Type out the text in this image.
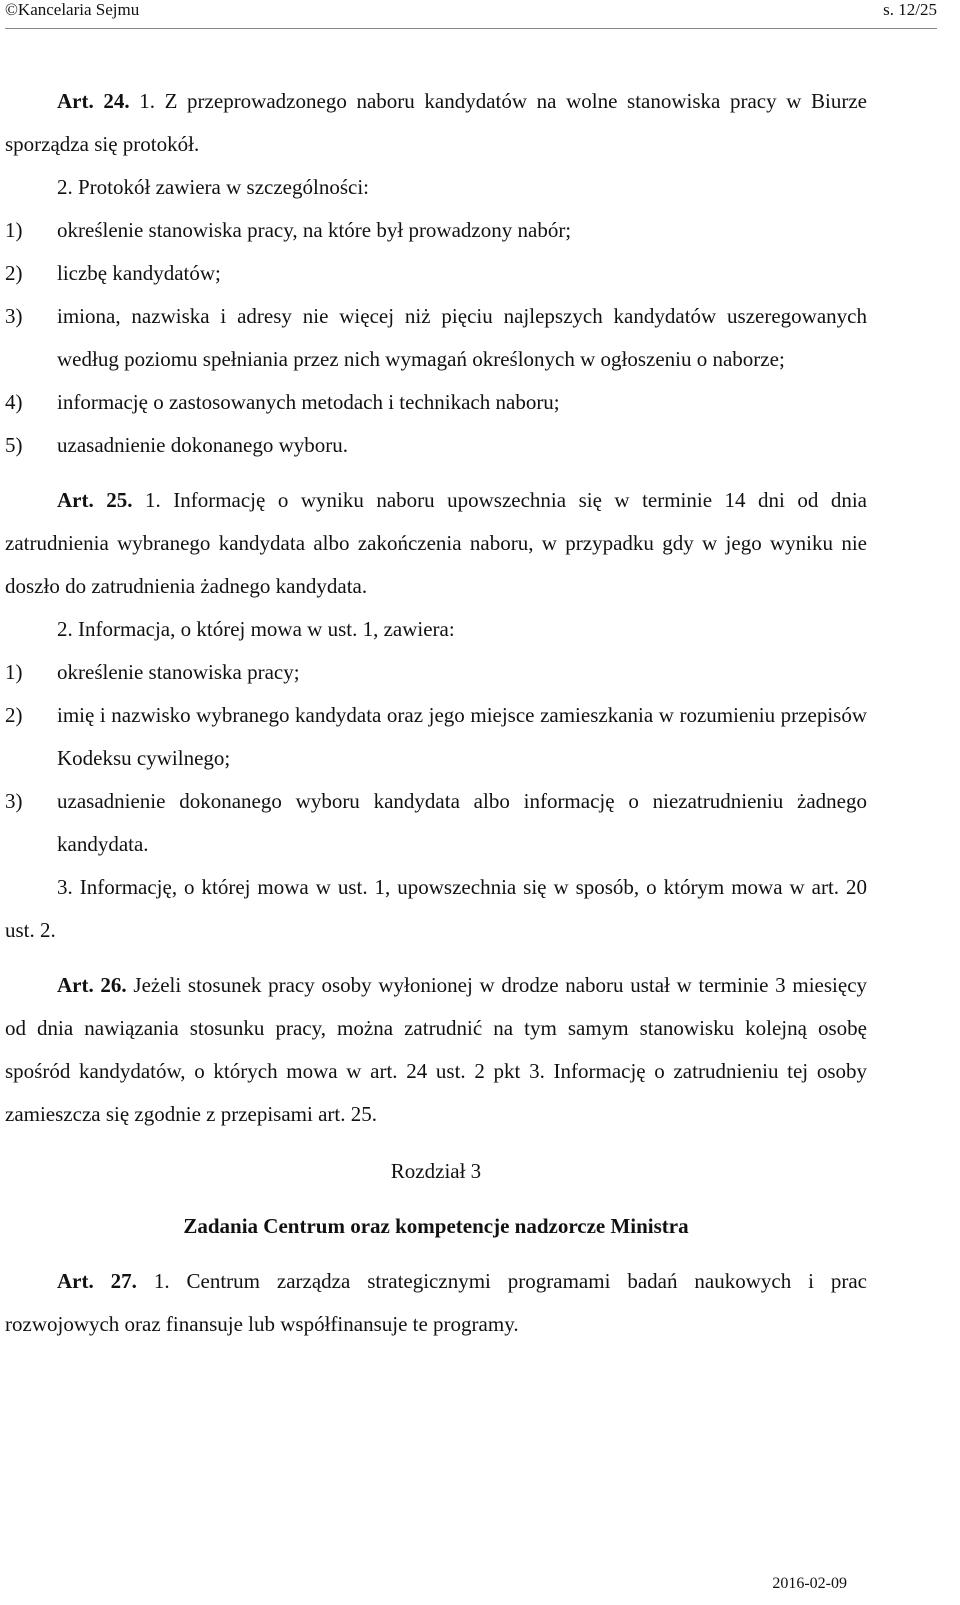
©Kancelaria Sejmu	s. 12/25

Art. 24. 1. Z przeprowadzonego naboru kandydatów na wolne stanowiska pracy w Biurze sporządza się protokół.

2. Protokół zawiera w szczególności:

1)	określenie stanowiska pracy, na które był prowadzony nabór;
2)	liczbę kandydatów;
3)	imiona, nazwiska i adresy nie więcej niż pięciu najlepszych kandydatów uszeregowanych według poziomu spełniania przez nich wymagań określonych w ogłoszeniu o naborze;
4)	informację o zastosowanych metodach i technikach naboru;
5)	uzasadnienie dokonanego wyboru.

Art. 25. 1. Informację o wyniku naboru upowszechnia się w terminie 14 dni od dnia zatrudnienia wybranego kandydata albo zakończenia naboru, w przypadku gdy w jego wyniku nie doszło do zatrudnienia żadnego kandydata.

2. Informacja, o której mowa w ust. 1, zawiera:

1)	określenie stanowiska pracy;
2)	imię i nazwisko wybranego kandydata oraz jego miejsce zamieszkania w rozumieniu przepisów Kodeksu cywilnego;
3)	uzasadnienie dokonanego wyboru kandydata albo informację o niezatrudnieniu żadnego kandydata.

3. Informację, o której mowa w ust. 1, upowszechnia się w sposób, o którym mowa w art. 20 ust. 2.

Art. 26. Jeżeli stosunek pracy osoby wyłonionej w drodze naboru ustał w terminie 3 miesięcy od dnia nawiązania stosunku pracy, można zatrudnić na tym samym stanowisku kolejną osobę spośród kandydatów, o których mowa w art. 24 ust. 2 pkt 3. Informację o zatrudnieniu tej osoby zamieszcza się zgodnie z przepisami art. 25.

Rozdział 3

Zadania Centrum oraz kompetencje nadzorcze Ministra

Art. 27. 1. Centrum zarządza strategicznymi programami badań naukowych i prac rozwojowych oraz finansuje lub współfinansuje te programy.

2016-02-09
